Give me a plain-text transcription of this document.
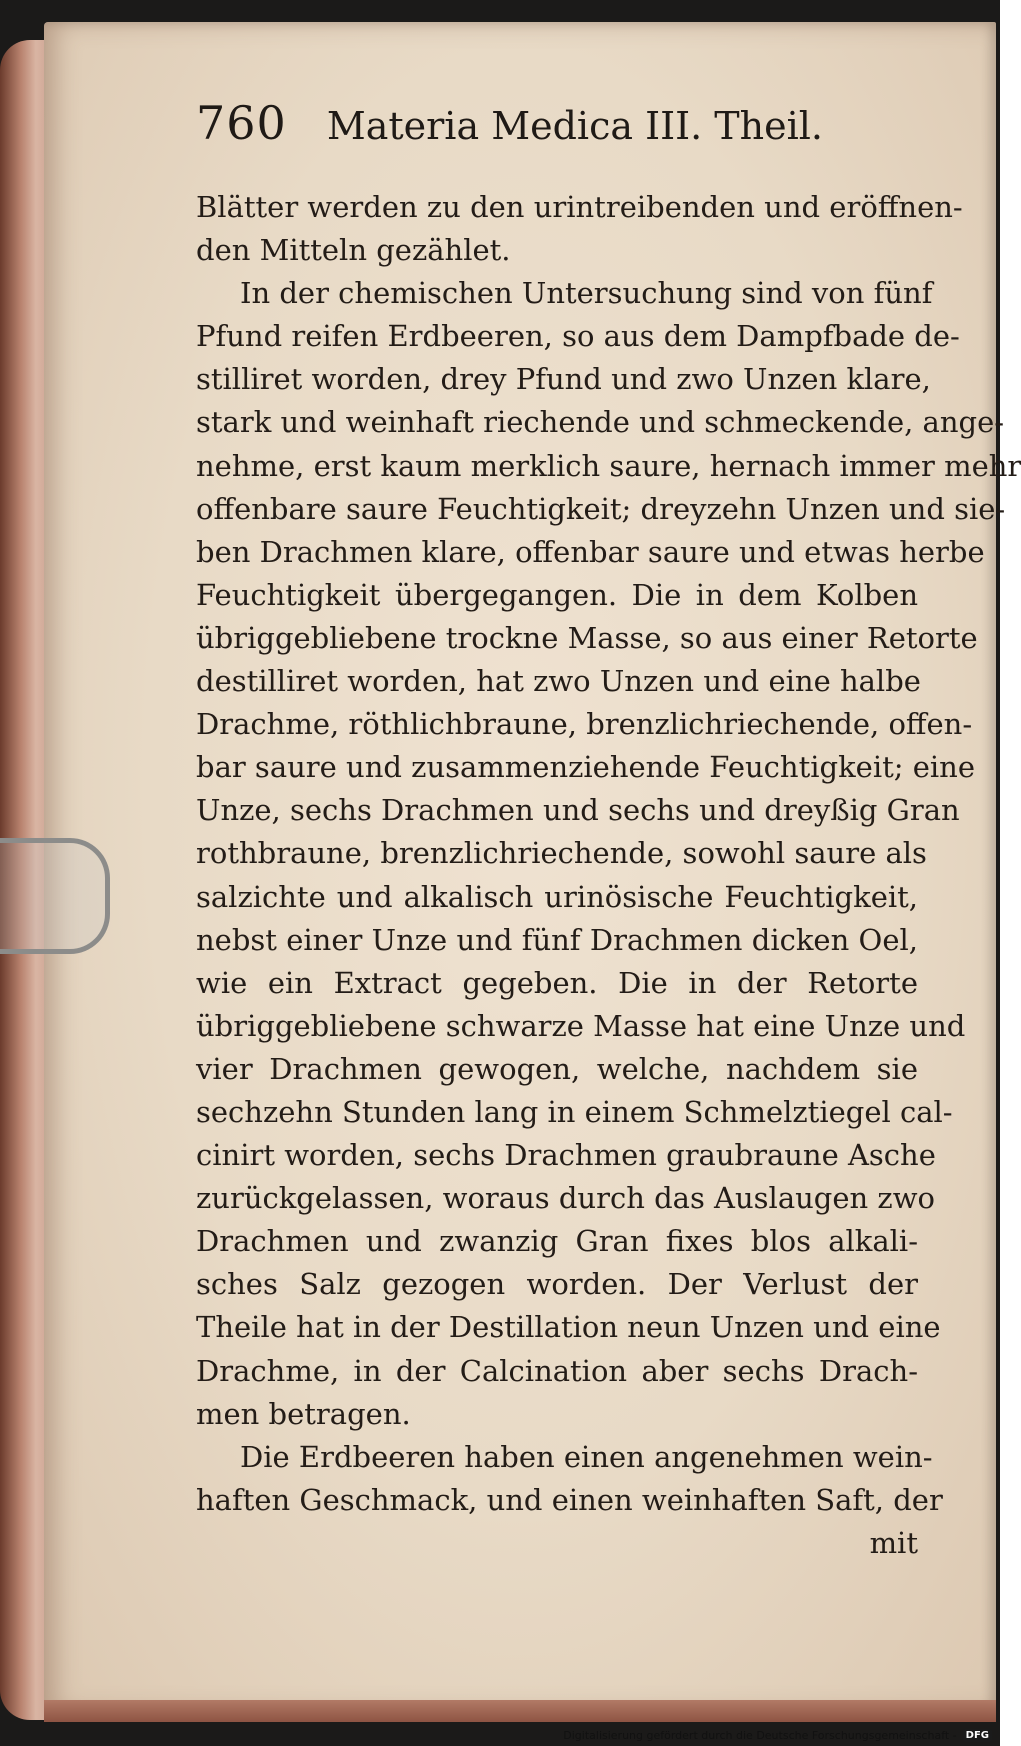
760 Materia Medica III. Theil.
Blätter werden zu den urintreibenden und eröffnen-
den Mitteln gezählet.
In der chemischen Untersuchung sind von fünf
Pfund reifen Erdbeeren, so aus dem Dampfbade de-
stilliret worden, drey Pfund und zwo Unzen klare,
stark und weinhaft riechende und schmeckende, ange-
nehme, erst kaum merklich saure, hernach immer mehr
offenbare saure Feuchtigkeit; dreyzehn Unzen und sie-
ben Drachmen klare, offenbar saure und etwas herbe
Feuchtigkeit übergegangen. Die in dem Kolben
übriggebliebene trockne Masse, so aus einer Retorte
destilliret worden, hat zwo Unzen und eine halbe
Drachme, röthlichbraune, brenzlichriechende, offen-
bar saure und zusammenziehende Feuchtigkeit; eine
Unze, sechs Drachmen und sechs und dreyßig Gran
rothbraune, brenzlichriechende, sowohl saure als
salzichte und alkalisch urinösische Feuchtigkeit,
nebst einer Unze und fünf Drachmen dicken Oel,
wie ein Extract gegeben. Die in der Retorte
übriggebliebene schwarze Masse hat eine Unze und
vier Drachmen gewogen, welche, nachdem sie
sechzehn Stunden lang in einem Schmelztiegel cal-
cinirt worden, sechs Drachmen graubraune Asche
zurückgelassen, woraus durch das Auslaugen zwo
Drachmen und zwanzig Gran fixes blos alkali-
sches Salz gezogen worden. Der Verlust der
Theile hat in der Destillation neun Unzen und eine
Drachme, in der Calcination aber sechs Drach-
men betragen.
Die Erdbeeren haben einen angenehmen wein-
haften Geschmack, und einen weinhaften Saft, der
mit
Digitalisierung gefördert durch die Deutsche Forschungsgemeinschaft - DFG
